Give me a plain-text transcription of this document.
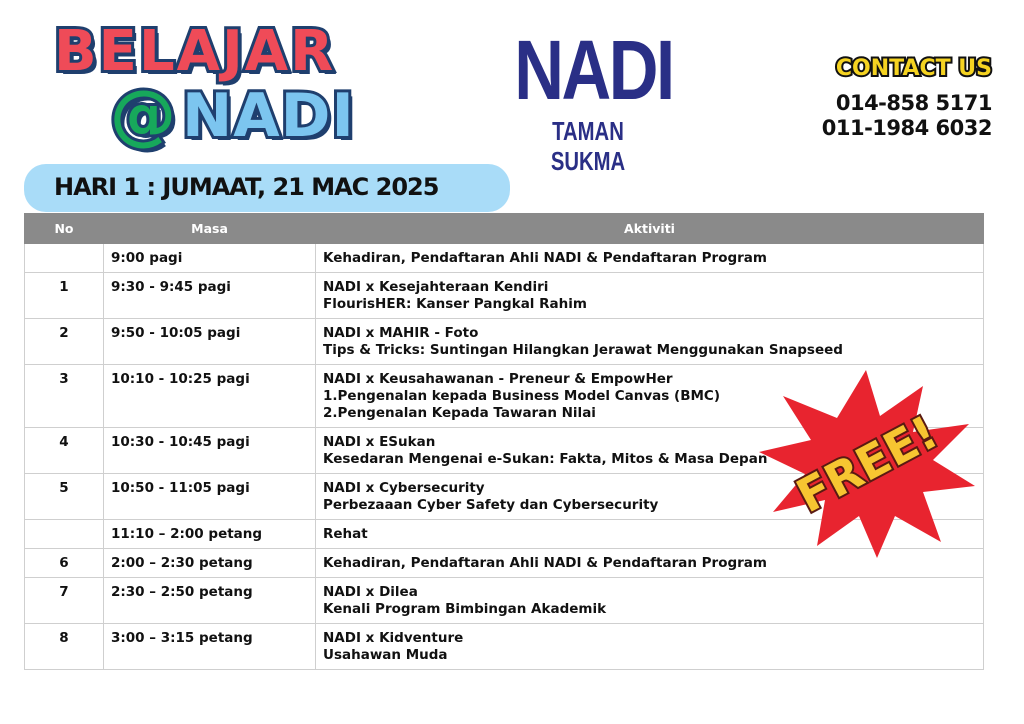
BELAJAR
@ NADI NADI
TAMAN SUKMA
CONTACT US
014-858 5171
011-1984 6032
HARI 1 : JUMAAT, 21 MAC 2025
No	Masa	Aktiviti
	9:00 pagi	Kehadiran, Pendaftaran Ahli NADI & Pendaftaran Program

1	9:30 - 9:45 pagi	NADI x Kesejahteraan Kendiri
FlourisHER: Kanser Pangkal Rahim

2	9:50 - 10:05 pagi	NADI x MAHIR - Foto
Tips & Tricks: Suntingan Hilangkan Jerawat Menggunakan Snapseed

3	10:10 - 10:25 pagi	NADI x Keusahawanan - Preneur & EmpowHer
1.Pengenalan kepada Business Model Canvas (BMC)
2.Pengenalan Kepada Tawaran Nilai

4	10:30 - 10:45 pagi	NADI x ESukan
Kesedaran Mengenai e-Sukan: Fakta, Mitos & Masa Depan

5	10:50 - 11:05 pagi	NADI x Cybersecurity
Perbezaaan Cyber Safety dan Cybersecurity

	11:10 – 2:00 petang	Rehat

6	2:00 – 2:30 petang	Kehadiran, Pendaftaran Ahli NADI & Pendaftaran Program

7	2:30 – 2:50 petang	NADI x Dilea
Kenali Program Bimbingan Akademik

8	3:00 – 3:15 petang	NADI x Kidventure
Usahawan Muda
FREE!
